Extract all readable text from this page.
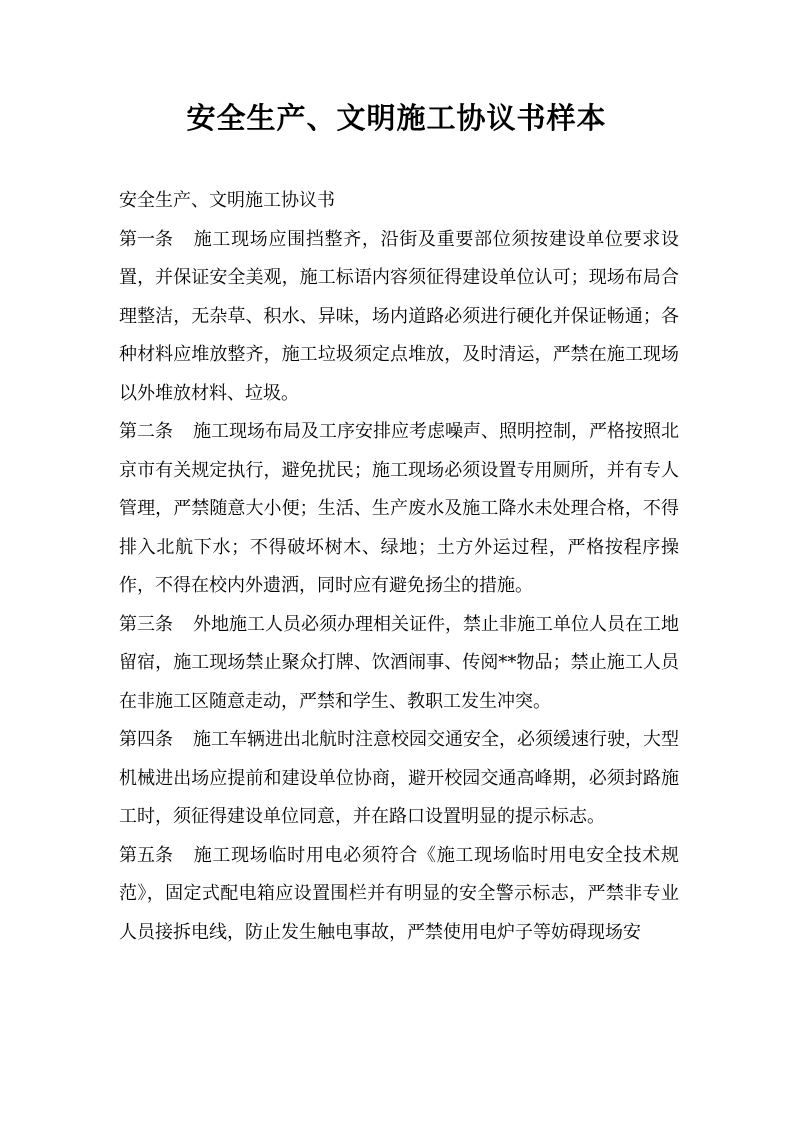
安全生产、文明施工协议书样本

安全生产、文明施工协议书

第一条 施工现场应围挡整齐，沿街及重要部位须按建设单位要求设置，并保证安全美观，施工标语内容须征得建设单位认可；现场布局合理整洁，无杂草、积水、异味，场内道路必须进行硬化并保证畅通；各种材料应堆放整齐，施工垃圾须定点堆放，及时清运，严禁在施工现场以外堆放材料、垃圾。

第二条 施工现场布局及工序安排应考虑噪声、照明控制，严格按照北京市有关规定执行，避免扰民；施工现场必须设置专用厕所，并有专人管理，严禁随意大小便；生活、生产废水及施工降水未处理合格，不得排入北航下水；不得破坏树木、绿地；土方外运过程，严格按程序操作，不得在校内外遗洒，同时应有避免扬尘的措施。

第三条 外地施工人员必须办理相关证件，禁止非施工单位人员在工地留宿，施工现场禁止聚众打牌、饮酒闹事、传阅**物品；禁止施工人员在非施工区随意走动，严禁和学生、教职工发生冲突。

第四条 施工车辆进出北航时注意校园交通安全，必须缓速行驶，大型机械进出场应提前和建设单位协商，避开校园交通高峰期，必须封路施工时，须征得建设单位同意，并在路口设置明显的提示标志。

第五条 施工现场临时用电必须符合《施工现场临时用电安全技术规范》，固定式配电箱应设置围栏并有明显的安全警示标志，严禁非专业人员接拆电线，防止发生触电事故，严禁使用电炉子等妨碍现场安
